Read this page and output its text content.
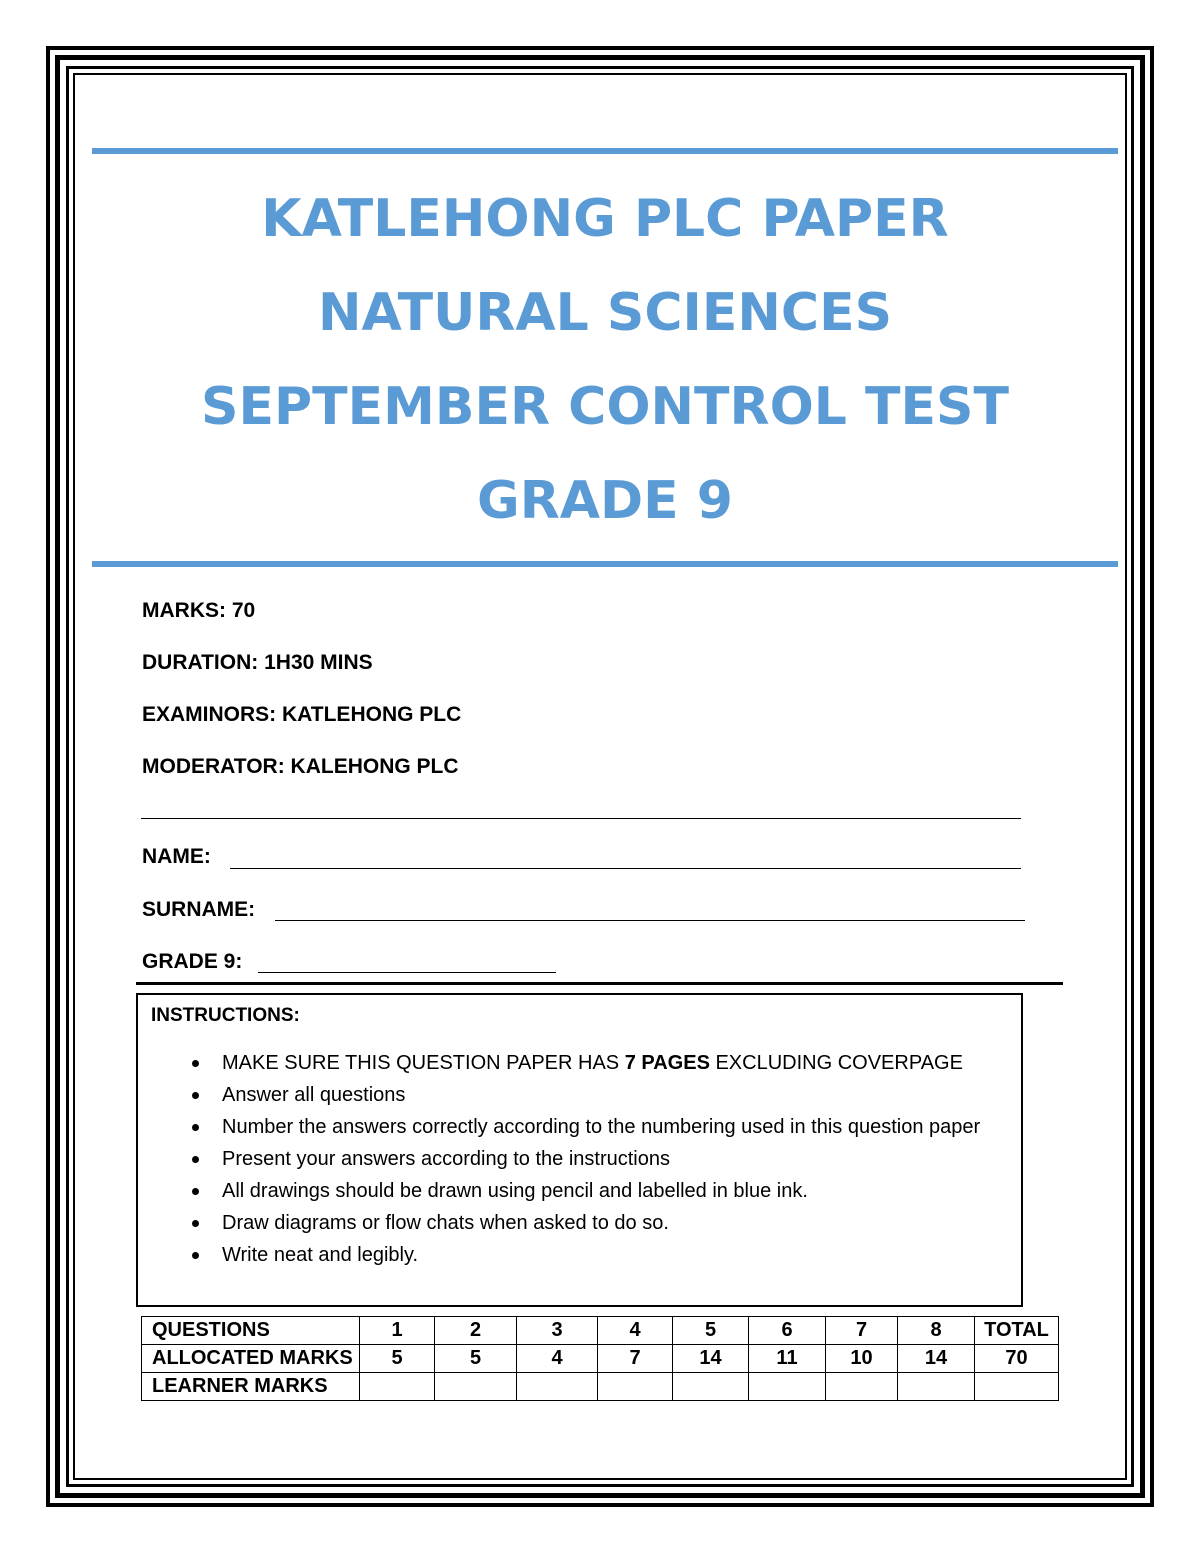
KATLEHONG PLC PAPER
NATURAL SCIENCES
SEPTEMBER CONTROL TEST
GRADE 9
MARKS: 70
DURATION: 1H30 MINS
EXAMINORS: KATLEHONG PLC
MODERATOR: KALEHONG PLC
NAME:
SURNAME:
GRADE 9:
INSTRUCTIONS:
MAKE SURE THIS QUESTION PAPER HAS 7 PAGES EXCLUDING COVERPAGE
Answer all questions
Number the answers correctly according to the numbering used in this question paper
Present your answers according to the instructions
All drawings should be drawn using pencil and labelled in blue ink.
Draw diagrams or flow chats when asked to do so.
Write neat and legibly.
QUESTIONS	1	2	3	4	5	6	7	8	TOTAL
ALLOCATED MARKS	5	5	4	7	14	11	10	14	70
LEARNER MARKS									
